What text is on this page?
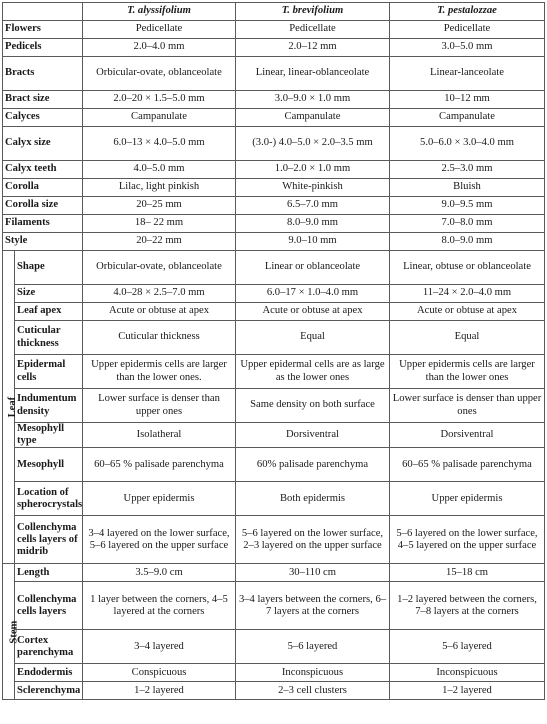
		T. alyssifolium	T. brevifolium	T. pestalozzae
Flowers		Pedicellate	Pedicellate	Pedicellate
Pedicels		2.0–4.0 mm	2.0–12 mm	3.0–5.0 mm
Bracts		Orbicular-ovate, oblanceolate	Linear, linear-oblanceolate	Linear-lanceolate
Bract size		2.0–20 × 1.5–5.0 mm	3.0–9.0 × 1.0 mm	10–12 mm
Calyces		Campanulate	Campanulate	Campanulate
Calyx size		6.0–13 × 4.0–5.0 mm	(3.0-) 4.0–5.0 × 2.0–3.5 mm	5.0–6.0 × 3.0–4.0 mm
Calyx teeth		4.0–5.0 mm	1.0–2.0 × 1.0 mm	2.5–3.0 mm
Corolla		Lilac, light pinkish	White-pinkish	Bluish
Corolla size		20–25 mm	6.5–7.0 mm	9.0–9.5 mm
Filaments		18– 22 mm	8.0–9.0 mm	7.0–8.0 mm
Style		20–22 mm	9.0–10 mm	8.0–9.0 mm
Leaf	Shape	Orbicular-ovate, oblanceolate	Linear or oblanceolate	Linear, obtuse or oblanceolate
	Size	4.0–28 × 2.5–7.0 mm	6.0–17 × 1.0–4.0 mm	11–24 × 2.0–4.0 mm
	Leaf apex	Acute or obtuse at apex	Acute or obtuse at apex	Acute or obtuse at apex
	Cuticular thickness	Cuticular thickness	Equal	Equal
	Epidermal cells	Upper epidermis cells are larger than the lower ones.	Upper epidermal cells are as large as the lower ones	Upper epidermis cells are larger than the lower ones
	Indumentum density	Lower surface is denser than upper ones	Same density on both surface	Lower surface is denser than upper ones
	Mesophyll type	Isolatheral	Dorsiventral	Dorsiventral
	Mesophyll	60–65 % palisade parenchyma	60% palisade parenchyma	60–65 % palisade parenchyma
	Location of spherocrystals	Upper epidermis	Both epidermis	Upper epidermis
	Collenchyma cells layers of midrib	3–4 layered on the lower surface, 5–6 layered on the upper surface	5–6 layered on the lower surface, 2–3 layered on the upper surface	5–6 layered on the lower surface, 4–5 layered on the upper surface
Stem	Length	3.5–9.0 cm	30–110 cm	15–18 cm
	Collenchyma cells layers	1 layer between the corners, 4–5 layered at the corners	3–4 layers between the corners, 6–7 layers at the corners	1–2 layered between the corners, 7–8 layers at the corners
	Cortex parenchyma	3–4 layered	5–6 layered	5–6 layered
	Endodermis	Conspicuous	Inconspicuous	Inconspicuous
	Sclerenchyma	1–2 layered	2–3 cell clusters	1–2 layered
